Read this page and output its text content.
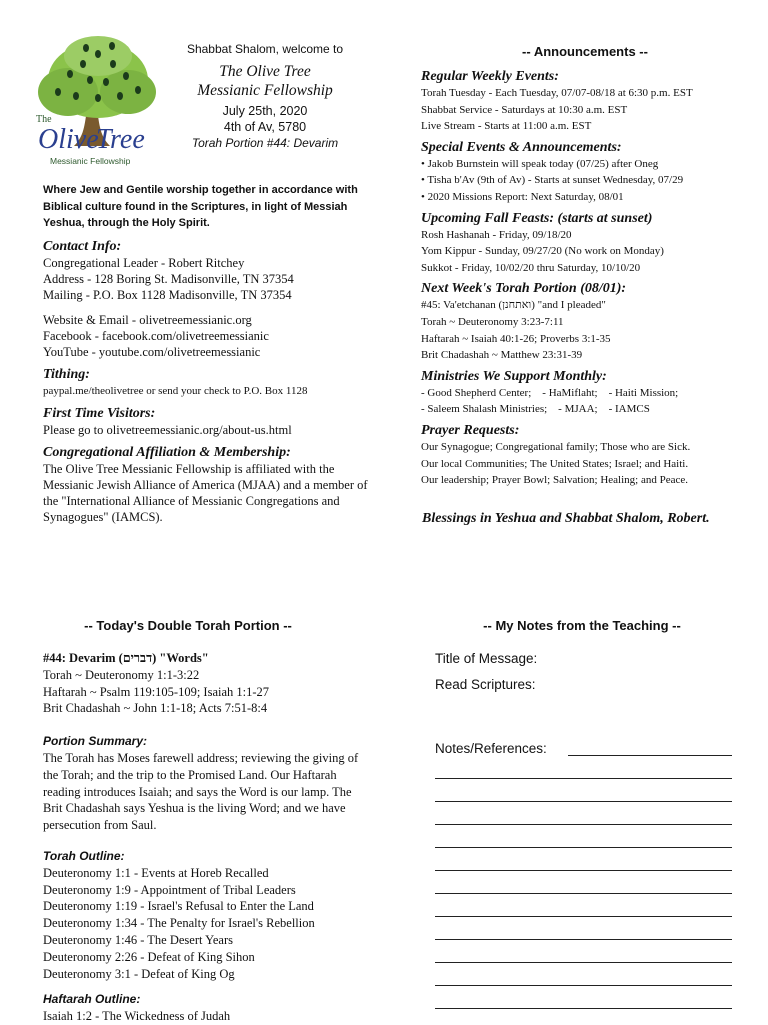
The
Olive
Tree
Messianic Fellowship
Shabbat Shalom, welcome to
The Olive Tree
Messianic Fellowship
July 25th, 2020
4th of Av, 5780
Torah Portion #44: Devarim
Where Jew and Gentile worship together in accordance with Biblical culture found in the Scriptures, in light of Messiah Yeshua, through the Holy Spirit.
Contact Info:
Congregational Leader - Robert Ritchey
Address - 128 Boring St. Madisonville, TN 37354
Mailing - P.O. Box 1128 Madisonville, TN 37354
Website & Email - olivetreemessianic.org
Facebook - facebook.com/olivetreemessianic
YouTube - youtube.com/olivetreemessianic
Tithing:
paypal.me/theolivetree or send your check to P.O. Box 1128
First Time Visitors:
Please go to olivetreemessianic.org/about-us.html
Congregational Affiliation & Membership:
The Olive Tree Messianic Fellowship is affiliated with the Messianic Jewish Alliance of America (MJAA) and a member of the "International Alliance of Messianic Congregations and Synagogues" (IAMCS).
-- Announcements --
Regular Weekly Events:
Torah Tuesday - Each Tuesday, 07/07-08/18 at 6:30 p.m. EST
Shabbat Service - Saturdays at 10:30 a.m. EST
Live Stream - Starts at 11:00 a.m. EST
Special Events & Announcements:
• Jakob Burnstein will speak today (07/25) after Oneg
• Tisha b'Av (9th of Av) - Starts at sunset Wednesday, 07/29
• 2020 Missions Report: Next Saturday, 08/01
Upcoming Fall Feasts: (starts at sunset)
Rosh Hashanah - Friday, 09/18/20
Yom Kippur - Sunday, 09/27/20 (No work on Monday)
Sukkot - Friday, 10/02/20 thru Saturday, 10/10/20
Next Week's Torah Portion (08/01):
#45: Va'etchanan (ואתחנן) "and I pleaded"
Torah ~ Deuteronomy 3:23-7:11
Haftarah ~ Isaiah 40:1-26; Proverbs 3:1-35
Brit Chadashah ~ Matthew 23:31-39
Ministries We Support Monthly:
- Good Shepherd Center;    - HaMiflaht;    - Haiti Mission;
- Saleem Shalash Ministries;    - MJAA;    - IAMCS
Prayer Requests:
Our Synagogue; Congregational family; Those who are Sick.
Our local Communities; The United States; Israel; and Haiti.
Our leadership; Prayer Bowl; Salvation; Healing; and Peace.
Blessings in Yeshua and Shabbat Shalom, Robert.
-- Today's Double Torah Portion --
#44: Devarim (דברים) "Words"
Torah ~ Deuteronomy 1:1-3:22
Haftarah ~ Psalm 119:105-109; Isaiah 1:1-27
Brit Chadashah ~ John 1:1-18; Acts 7:51-8:4
Portion Summary:
The Torah has Moses farewell address; reviewing the giving of the Torah; and the trip to the Promised Land. Our Haftarah reading introduces Isaiah; and says the Word is our lamp. The Brit Chadashah says Yeshua is the living Word; and we have persecution from Saul.
Torah Outline:
Deuteronomy 1:1 - Events at Horeb Recalled
Deuteronomy 1:9 - Appointment of Tribal Leaders
Deuteronomy 1:19 - Israel's Refusal to Enter the Land
Deuteronomy 1:34 - The Penalty for Israel's Rebellion
Deuteronomy 1:46 - The Desert Years
Deuteronomy 2:26 - Defeat of King Sihon
Deuteronomy 3:1 - Defeat of King Og
Haftarah Outline:
Isaiah 1:2 - The Wickedness of Judah
-- My Notes from the Teaching --
Title of Message:
Read Scriptures:
Notes/References:
